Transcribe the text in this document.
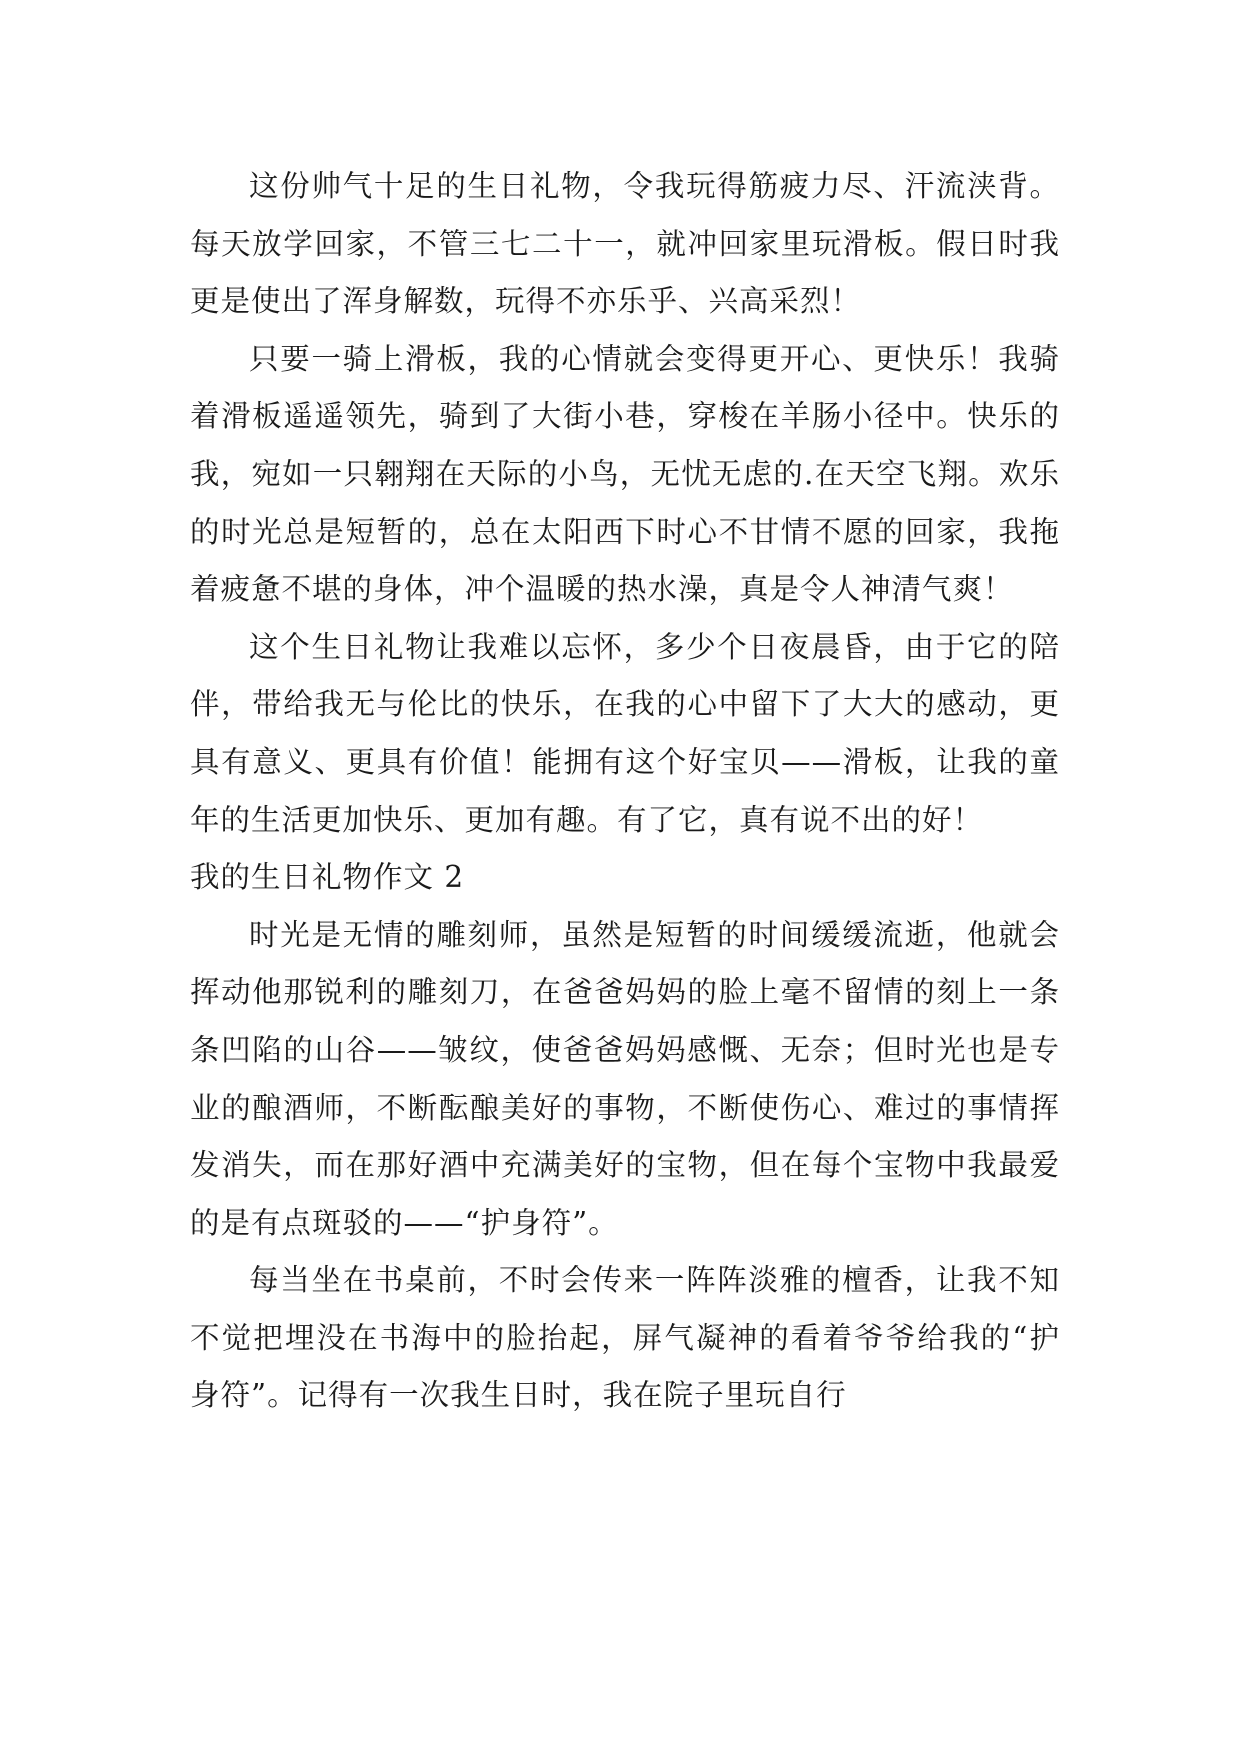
这份帅气十足的生日礼物，令我玩得筋疲力尽、汗流浃背。每天放学回家，不管三七二十一，就冲回家里玩滑板。假日时我更是使出了浑身解数，玩得不亦乐乎、兴高采烈！

只要一骑上滑板，我的心情就会变得更开心、更快乐！我骑着滑板遥遥领先，骑到了大街小巷，穿梭在羊肠小径中。快乐的我，宛如一只翱翔在天际的小鸟，无忧无虑的.在天空飞翔。欢乐的时光总是短暂的，总在太阳西下时心不甘情不愿的回家，我拖着疲惫不堪的身体，冲个温暖的热水澡，真是令人神清气爽！

这个生日礼物让我难以忘怀，多少个日夜晨昏，由于它的陪伴，带给我无与伦比的快乐，在我的心中留下了大大的感动，更具有意义、更具有价值！能拥有这个好宝贝——滑板，让我的童年的生活更加快乐、更加有趣。有了它，真有说不出的好！

我的生日礼物作文 2

时光是无情的雕刻师，虽然是短暂的时间缓缓流逝，他就会挥动他那锐利的雕刻刀，在爸爸妈妈的脸上毫不留情的刻上一条条凹陷的山谷——皱纹，使爸爸妈妈感慨、无奈；但时光也是专业的酿酒师，不断酝酿美好的事物，不断使伤心、难过的事情挥发消失，而在那好酒中充满美好的宝物，但在每个宝物中我最爱的是有点斑驳的——“护身符”。

每当坐在书桌前，不时会传来一阵阵淡雅的檀香，让我不知不觉把埋没在书海中的脸抬起，屏气凝神的看着爷爷给我的“护身符”。记得有一次我生日时，我在院子里玩自行
